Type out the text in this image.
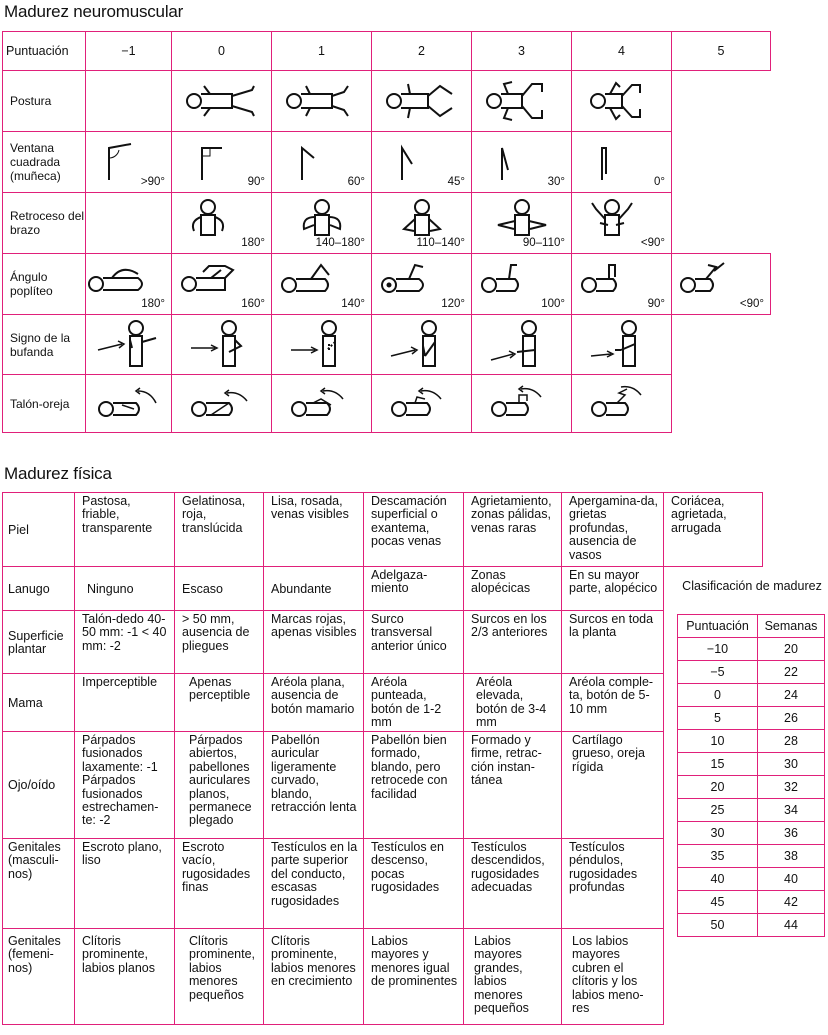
Madurez neuromuscular
Puntuación	−1	0	1	2	3	4	5
Postura		

Ventana cuadrada (muñeca)	>90°	90°	60°	45°	30°	0°	

Retroceso del brazo		180°	140–180°	110–140°	90–110°	<90°	

Ángulo poplíteo	180°	160°	140°	120°	100°	90°	<90°

Signo de la bufanda	

Talón-oreja	

Madurez física
Piel	Pastosa, friable, transparente	Gelatinosa, roja, translúcida	Lisa, rosada, venas visibles	Descamación superficial o exantema, pocas venas	Agrietamiento, zonas pálidas, venas raras	Apergamina-da, grietas profundas, ausencia de vasos	Coriácea, agrietada, arrugada
Lanugo	Ninguno	Escaso	Abundante	Adelgaza-miento	Zonas alopécicas	En su mayor parte, alopécico	
Superficie plantar	Talón-dedo 40-50 mm: -1 < 40 mm: -2	> 50 mm, ausencia de pliegues	Marcas rojas, apenas visibles	Surco transversal anterior único	Surcos en los 2/3 anteriores	Surcos en toda la planta	
Mama	Imperceptible	Apenas perceptible	Aréola plana, ausencia de botón mamario	Aréola punteada, botón de 1-2 mm	Aréola elevada, botón de 3-4 mm	Aréola comple-ta, botón de 5-10 mm	
Ojo/oído	Párpados fusionados laxamente: -1 Párpados fusionados estrechamen-te: -2	Párpados abiertos, pabellones auriculares planos, permanece plegado	Pabellón auricular ligeramente curvado, blando, retracción lenta	Pabellón bien formado, blando, pero retrocede con facilidad	Formado y firme, retrac-ción instan-tánea	Cartílago grueso, oreja rígida	
Genitales (masculi-nos)	Escroto plano, liso	Escroto vacío, rugosidades finas	Testículos en la parte superior del conducto, escasas rugosidades	Testículos en descenso, pocas rugosidades	Testículos descendidos, rugosidades adecuadas	Testículos péndulos, rugosidades profundas	
Genitales (femeni-nos)	Clítoris prominente, labios planos	Clítoris prominente, labios menores pequeños	Clítoris prominente, labios menores en crecimiento	Labios mayores y menores igual de prominentes	Labios mayores grandes, labios menores pequeños	Los labios mayores cubren el clítoris y los labios meno-res	
Clasificación de madurez
Puntuación	Semanas
−10	20
−5	22
0	24
5	26
10	28
15	30
20	32
25	34
30	36
35	38
40	40
45	42
50	44
